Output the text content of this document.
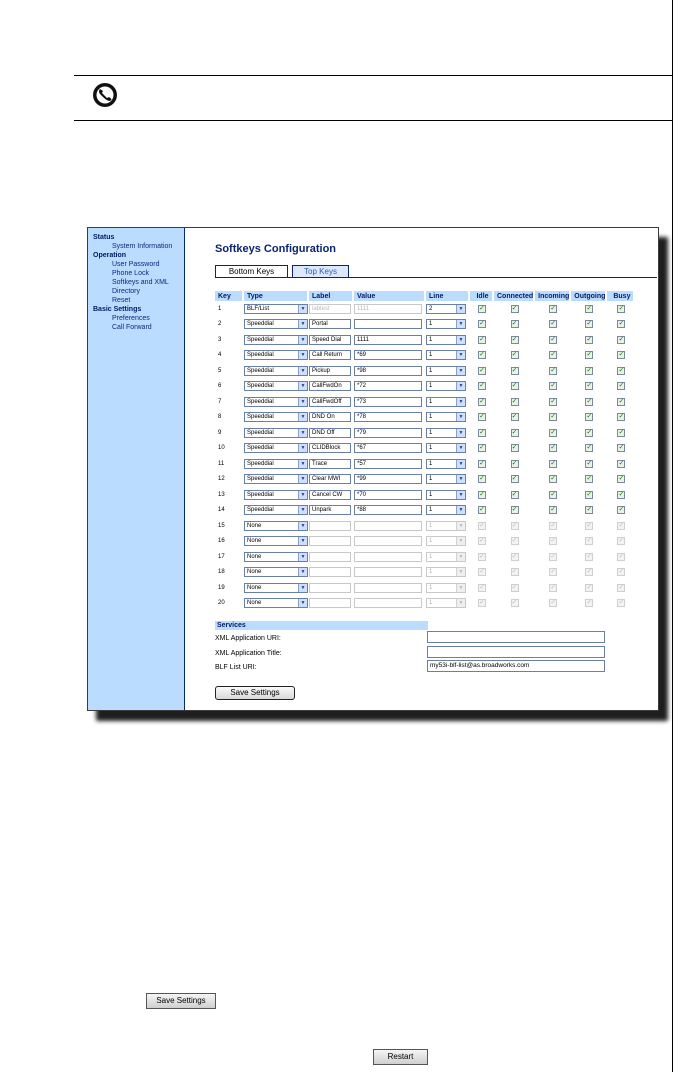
Status
System Information
Operation
User Password
Phone Lock
Softkeys and XML
Directory
Reset
Basic Settings
Preferences
Call Forward
Softkeys Configuration
Bottom Keys	Top Keys
Key	Type	Label	Value	Line	Idle	Connected	Incoming	Outgoing	Busy
1	BLF/List ▼	labtest	1111	2 ▼	✓	✓	✓	✓	✓

2	Speeddial ▼	Portal		1 ▼	✓	✓	✓	✓	✓

3	Speeddial ▼	Speed Dial	1111	1 ▼	✓	✓	✓	✓	✓

4	Speeddial ▼	Call Return	*69	1 ▼	✓	✓	✓	✓	✓

5	Speeddial ▼	Pickup	*98	1 ▼	✓	✓	✓	✓	✓

6	Speeddial ▼	CallFwdOn	*72	1 ▼	✓	✓	✓	✓	✓

7	Speeddial ▼	CallFwdOff	*73	1 ▼	✓	✓	✓	✓	✓

8	Speeddial ▼	DND On	*78	1 ▼	✓	✓	✓	✓	✓

9	Speeddial ▼	DND Off	*79	1 ▼	✓	✓	✓	✓	✓

10	Speeddial ▼	CLIDBlock	*67	1 ▼	✓	✓	✓	✓	✓

11	Speeddial ▼	Trace	*57	1 ▼	✓	✓	✓	✓	✓

12	Speeddial ▼	Clear MWI	*99	1 ▼	✓	✓	✓	✓	✓

13	Speeddial ▼	Cancel CW	*70	1 ▼	✓	✓	✓	✓	✓

14	Speeddial ▼	Unpark	*88	1 ▼	✓	✓	✓	✓	✓

15	None ▼			1 ▼	✓	✓	✓	✓	✓

16	None ▼			1 ▼	✓	✓	✓	✓	✓

17	None ▼			1 ▼	✓	✓	✓	✓	✓

18	None ▼			1 ▼	✓	✓	✓	✓	✓

19	None ▼			1 ▼	✓	✓	✓	✓	✓

20	None ▼			1 ▼	✓	✓	✓	✓	✓
Services
XML Application URI:
XML Application Title:
BLF List URI:	my53i-blf-list@as.broadworks.com
Save Settings
Save Settings
Restart
